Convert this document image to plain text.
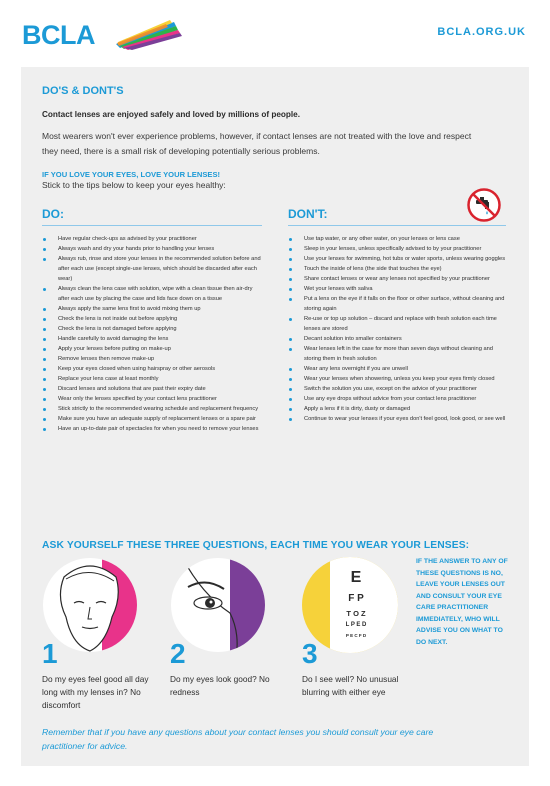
BCLA	BCLA.ORG.UK
DO'S & DONT'S
Contact lenses are enjoyed safely and loved by millions of people.
Most wearers won't ever experience problems, however, if contact lenses are not treated with the love and respect they need, there is a small risk of developing potentially serious problems.
IF YOU LOVE YOUR EYES, LOVE YOUR LENSES!
Stick to the tips below to keep your eyes healthy:
DO:
Have regular check-ups as advised by your practitioner
Always wash and dry your hands prior to handling your lenses
Always rub, rinse and store your lenses in the recommended solution before and after each use (except single-use lenses, which should be discarded after each wear)
Always clean the lens case with solution, wipe with a clean tissue then air-dry after each use by placing the case and lids face down on a tissue
Always apply the same lens first to avoid mixing them up
Check the lens is not inside out before applying
Check the lens is not damaged before applying
Handle carefully to avoid damaging the lens
Apply your lenses before putting on make-up
Remove lenses then remove make-up
Keep your eyes closed when using hairspray or other aerosols
Replace your lens case at least monthly
Discard lenses and solutions that are past their expiry date
Wear only the lenses specified by your contact lens practitioner
Stick strictly to the recommended wearing schedule and replacement frequency
Make sure you have an adequate supply of replacement lenses or a spare pair
Have an up-to-date pair of spectacles for when you need to remove your lenses
DON'T:
Use tap water, or any other water, on your lenses or lens case
Sleep in your lenses, unless specifically advised to by your practitioner
Use your lenses for swimming, hot tubs or water sports, unless wearing goggles
Touch the inside of lens (the side that touches the eye)
Share contact lenses or wear any lenses not specified by your practitioner
Wet your lenses with saliva
Put a lens on the eye if it falls on the floor or other surface, without cleaning and storing again
Re-use or top up solution – discard and replace with fresh solution each time lenses are stored
Decant solution into smaller containers
Wear lenses left in the case for more than seven days without cleaning and storing them in fresh solution
Wear any lens overnight if you are unwell
Wear your lenses when showering, unless you keep your eyes firmly closed
Switch the solution you use, except on the advice of your practitioner
Use any eye drops without advice from your contact lens practitioner
Apply a lens if it is dirty, dusty or damaged
Continue to wear your lenses if your eyes don't feel good, look good, or see well
ASK YOURSELF THESE THREE QUESTIONS, EACH TIME YOU WEAR YOUR LENSES:
1
Do my eyes feel good all day long with my lenses in? No discomfort
2
Do my eyes look good? No redness
E
F P
T O Z
L P E D
P E C F D
3
Do I see well? No unusual blurring with either eye
IF THE ANSWER TO ANY OF THESE QUESTIONS IS NO, LEAVE YOUR LENSES OUT AND CONSULT YOUR EYE CARE PRACTITIONER IMMEDIATELY, WHO WILL ADVISE YOU ON WHAT TO DO NEXT.
Remember that if you have any questions about your contact lenses you should consult your eye care practitioner for advice.
